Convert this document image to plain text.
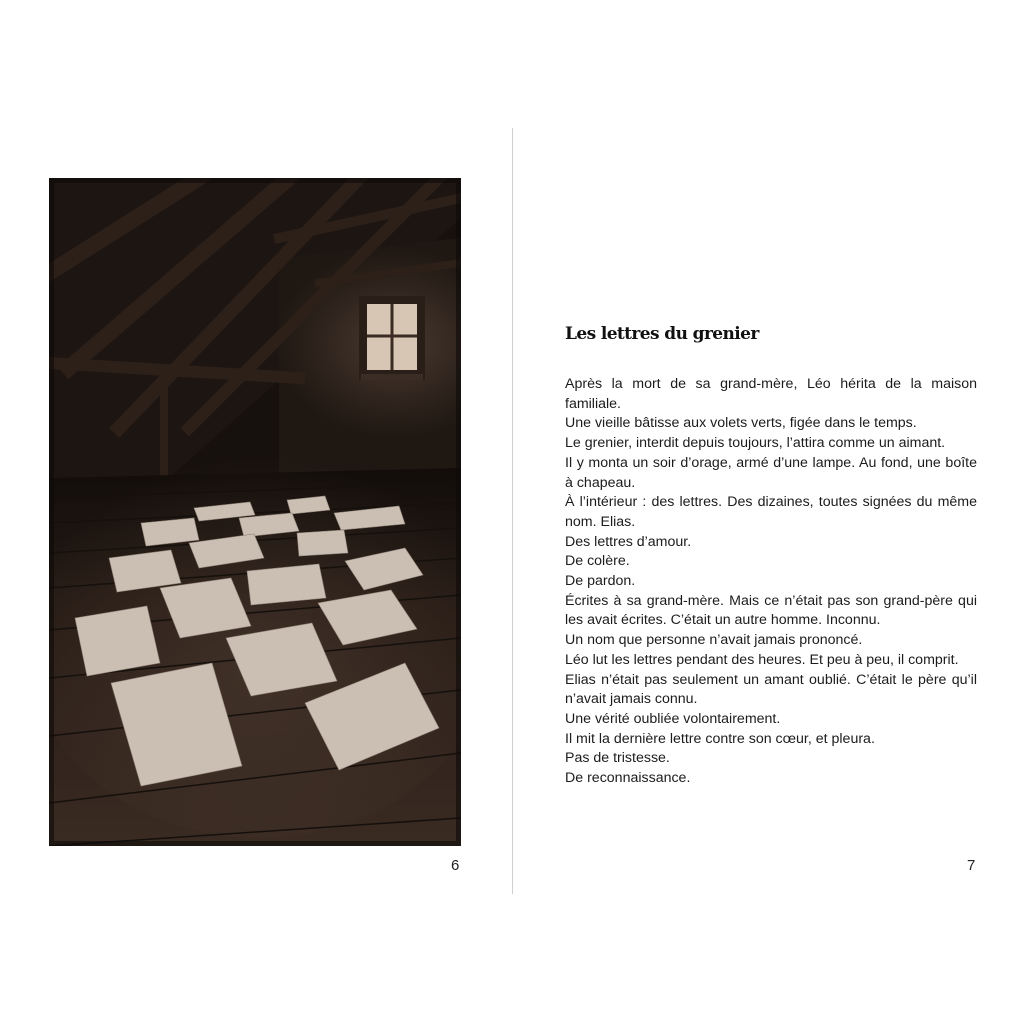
6
Les lettres du grenier

Après la mort de sa grand-mère, Léo hérita de la maison familiale.

Une vieille bâtisse aux volets verts, figée dans le temps.

Le grenier, interdit depuis toujours, l’attira comme un aimant.

Il y monta un soir d’orage, armé d’une lampe. Au fond, une boîte à chapeau.

À l’intérieur : des lettres. Des dizaines, toutes signées du même nom. Elias.

Des lettres d’amour.

De colère.

De pardon.

Écrites à sa grand-mère. Mais ce n’était pas son grand-père qui les avait écrites. C’était un autre homme. Inconnu.

Un nom que personne n’avait jamais prononcé.

Léo lut les lettres pendant des heures. Et peu à peu, il comprit.

Elias n’était pas seulement un amant oublié. C’était le père qu’il n’avait jamais connu.

Une vérité oubliée volontairement.

Il mit la dernière lettre contre son cœur, et pleura.

Pas de tristesse.

De reconnaissance.

7
